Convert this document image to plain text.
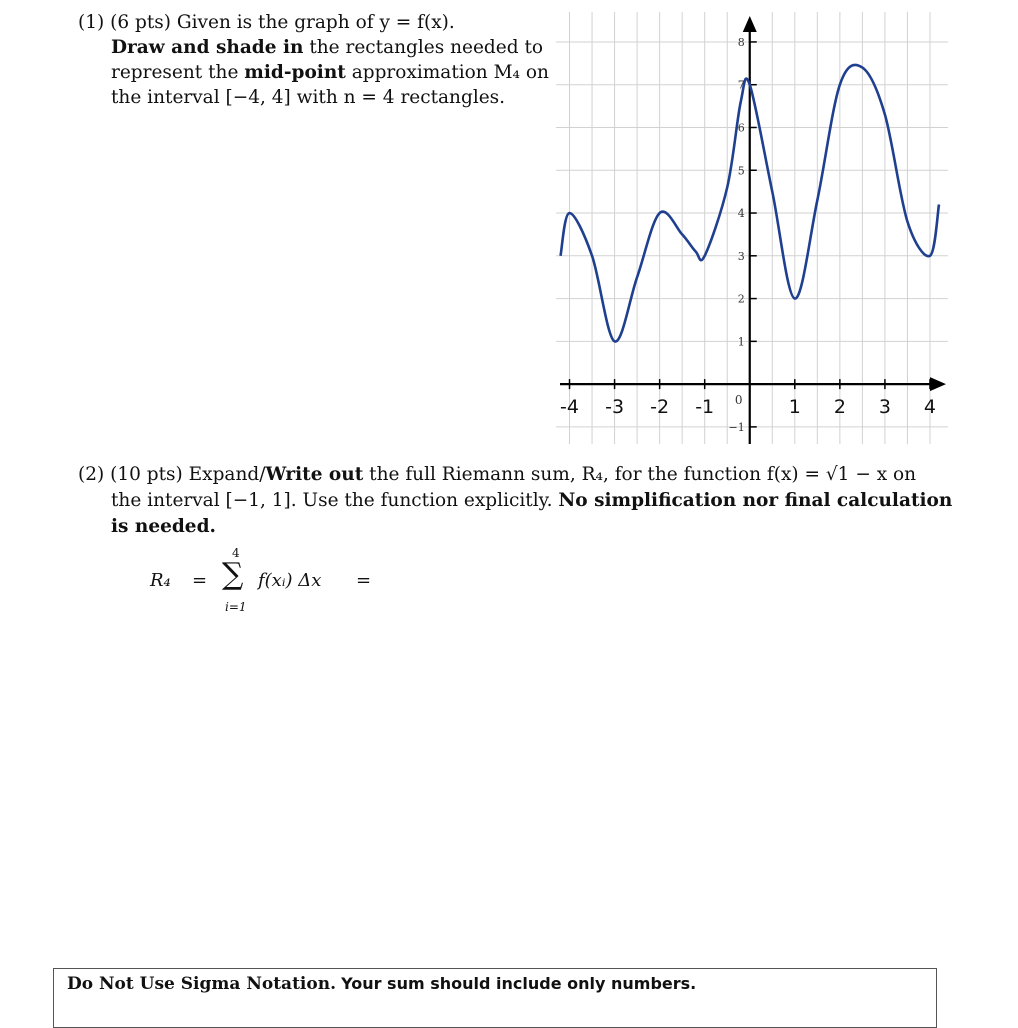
(1) (6 pts) Given is the graph of y = f(x).
Draw and shade in the rectangles needed to
represent the mid-point approximation M₄ on
the interval [−4, 4] with n = 4 rectangles.
-4 -3 -2 -1	1 2 3 4
0
−1
1
2
3
4
5
6
7
8
(2) (10 pts) Expand/Write out the full Riemann sum, R₄, for the function f(x) = √1 − x on
the interval [−1, 1]. Use the function explicitly. No simplification nor final calculation
is needed.
R₄ =
4
∑
i=1
f(xᵢ) Δx =
Do Not Use Sigma Notation. Your sum should include only numbers.
